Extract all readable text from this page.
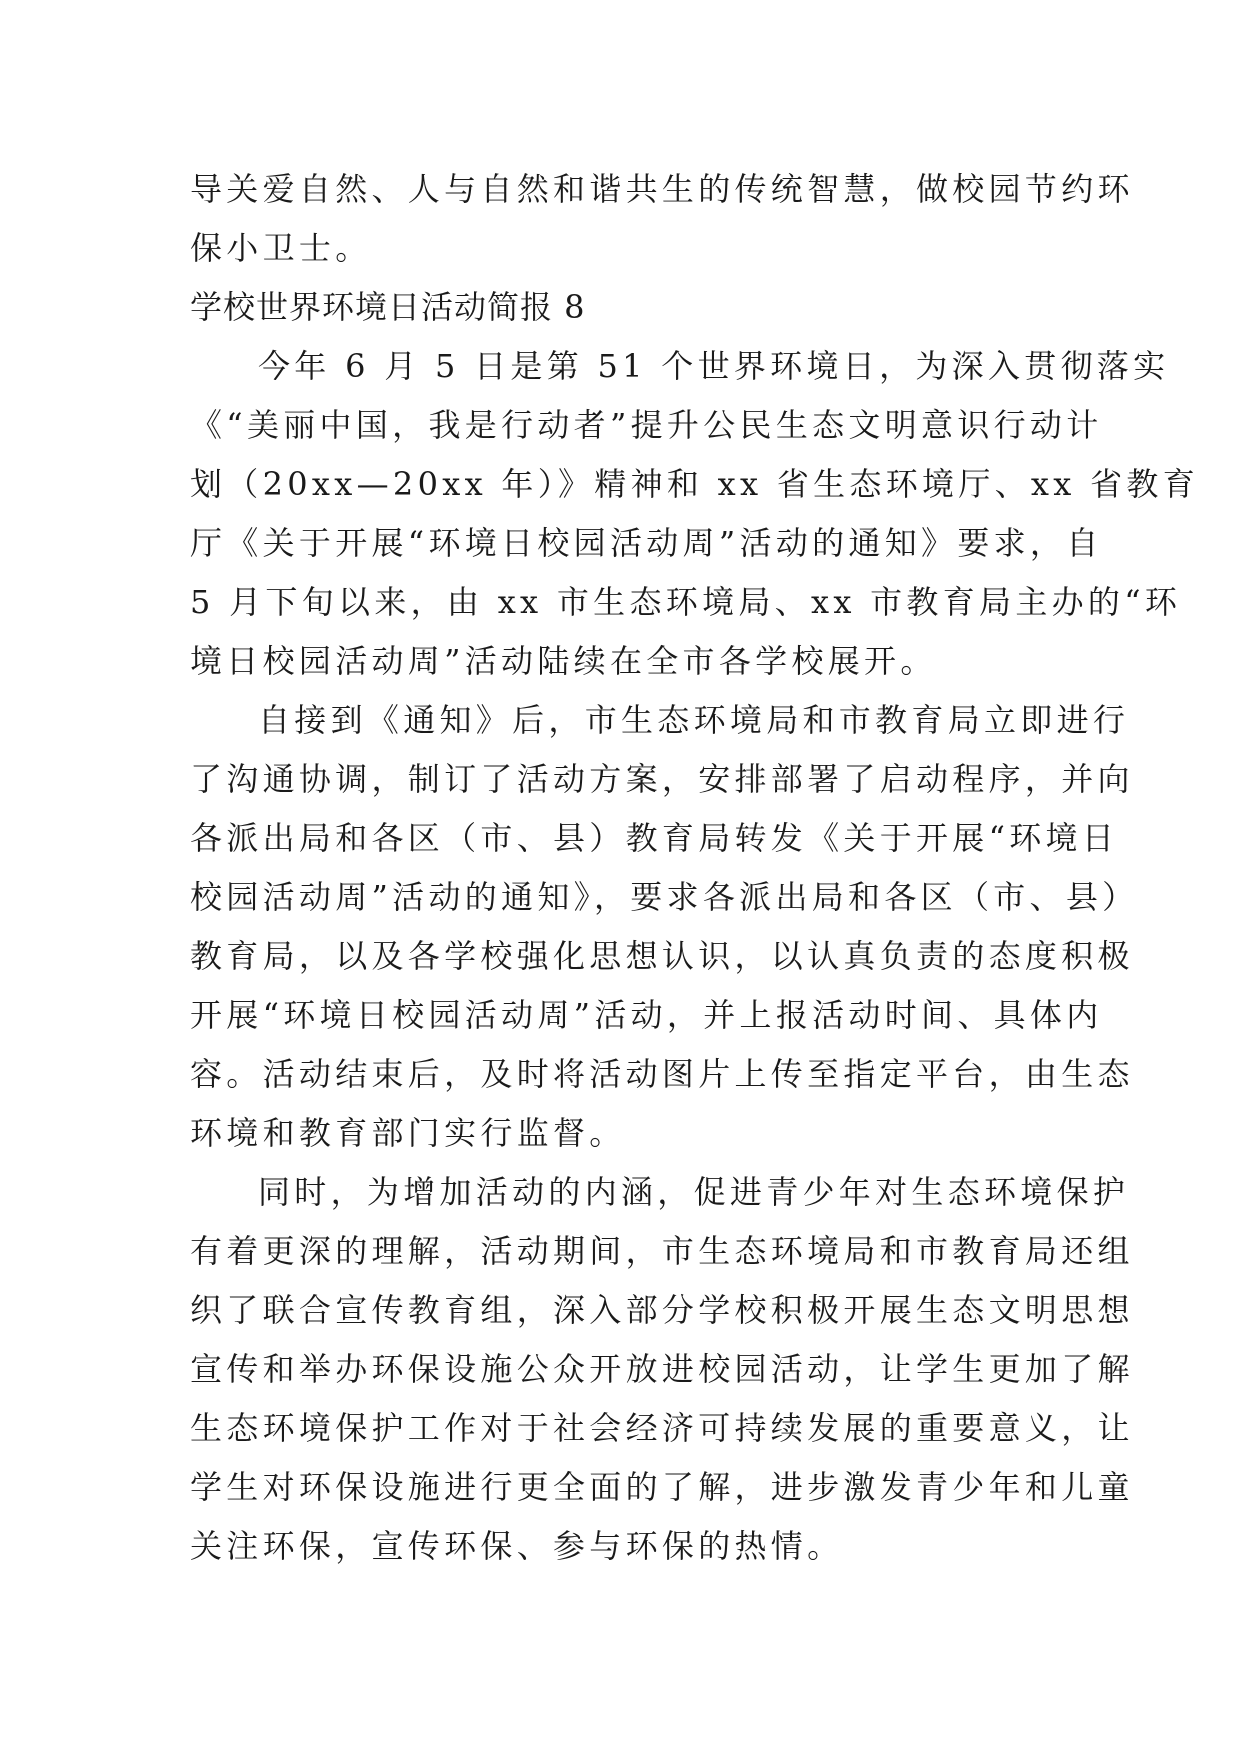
导关爱自然、人与自然和谐共生的传统智慧，做校园节约环
保小卫士。
学校世界环境日活动简报 8
今年 6 月 5 日是第 51 个世界环境日，为深入贯彻落实
《“美丽中国，我是行动者”提升公民生态文明意识行动计
划（20xx—20xx 年）》精神和 xx 省生态环境厅、xx 省教育
厅《关于开展“环境日校园活动周”活动的通知》要求，自
5 月下旬以来，由 xx 市生态环境局、xx 市教育局主办的“环
境日校园活动周”活动陆续在全市各学校展开。
自接到《通知》后，市生态环境局和市教育局立即进行
了沟通协调，制订了活动方案，安排部署了启动程序，并向
各派出局和各区（市、县）教育局转发《关于开展“环境日
校园活动周”活动的通知》，要求各派出局和各区（市、县）
教育局，以及各学校强化思想认识，以认真负责的态度积极
开展“环境日校园活动周”活动，并上报活动时间、具体内
容。活动结束后，及时将活动图片上传至指定平台，由生态
环境和教育部门实行监督。
同时，为增加活动的内涵，促进青少年对生态环境保护
有着更深的理解，活动期间，市生态环境局和市教育局还组
织了联合宣传教育组，深入部分学校积极开展生态文明思想
宣传和举办环保设施公众开放进校园活动，让学生更加了解
生态环境保护工作对于社会经济可持续发展的重要意义，让
学生对环保设施进行更全面的了解，进步激发青少年和儿童
关注环保，宣传环保、参与环保的热情。
